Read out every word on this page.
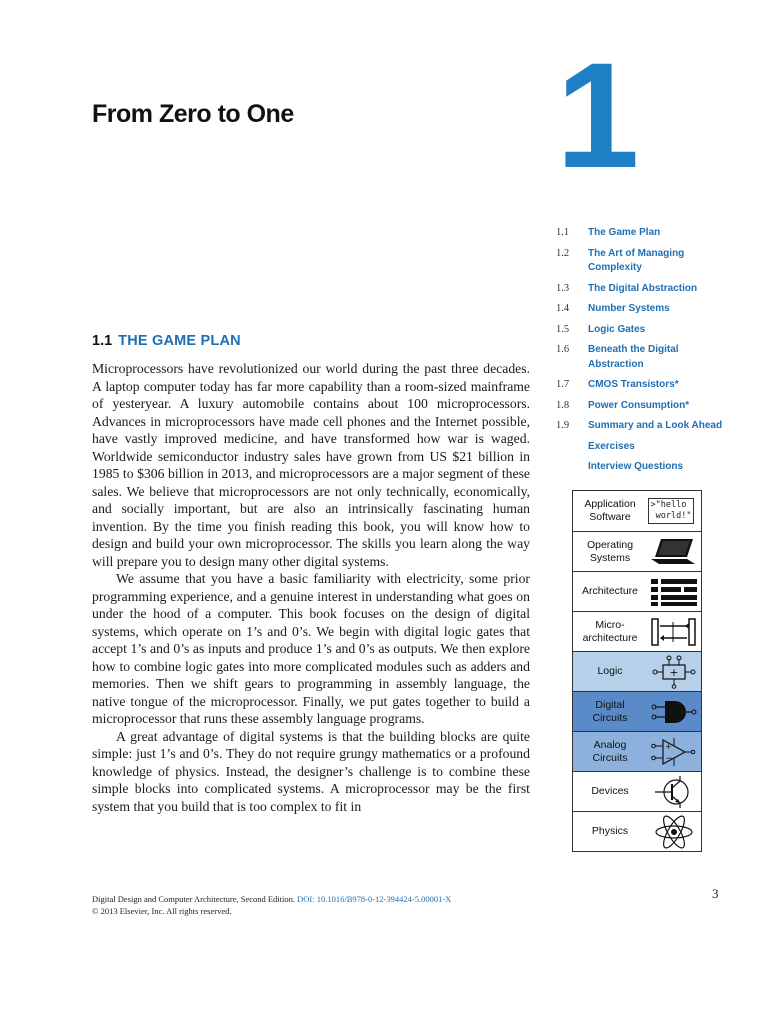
From Zero to One 1
1.1	The Game Plan
1.2	The Art of Managing Complexity
1.3	The Digital Abstraction
1.4	Number Systems
1.5	Logic Gates
1.6	Beneath the Digital Abstraction
1.7	CMOS Transistors*
1.8	Power Consumption*
1.9	Summary and a Look Ahead
Exercises
Interview Questions
1.1 THE GAME PLAN

Microprocessors have revolutionized our world during the past three decades. A laptop computer today has far more capability than a room-sized mainframe of yesteryear. A luxury automobile contains about 100 microprocessors. Advances in microprocessors have made cell phones and the Internet possible, have vastly improved medicine, and have transformed how war is waged. Worldwide semiconductor industry sales have grown from US $21 billion in 1985 to $306 billion in 2013, and microprocessors are a major segment of these sales. We believe that microprocessors are not only technically, economically, and socially important, but are also an intrinsically fascinating human invention. By the time you finish reading this book, you will know how to design and build your own microprocessor. The skills you learn along the way will prepare you to design many other digital systems.

We assume that you have a basic familiarity with electricity, some prior programming experience, and a genuine interest in understanding what goes on under the hood of a computer. This book focuses on the design of digital systems, which operate on 1’s and 0’s. We begin with digital logic gates that accept 1’s and 0’s as inputs and produce 1’s and 0’s as outputs. We then explore how to combine logic gates into more complicated modules such as adders and memories. Then we shift gears to programming in assembly language, the native tongue of the microprocessor. Finally, we put gates together to build a microprocessor that runs these assembly language programs.

A great advantage of digital systems is that the building blocks are quite simple: just 1’s and 0’s. They do not require grungy mathematics or a profound knowledge of physics. Instead, the designer’s challenge is to combine these simple blocks into complicated systems. A microprocessor may be the first system that you build that is too complex to fit in

Application
Software
>"hello
world!"
Operating
Systems
Architecture
Micro-
architecture
Logic	+
Digital
Circuits
Analog
Circuits
+
−
Devices
Physics
Digital Design and Computer Architecture, Second Edition. DOI: 10.1016/B978-0-12-394424-5.00001-X
© 2013 Elsevier, Inc. All rights reserved.
3
